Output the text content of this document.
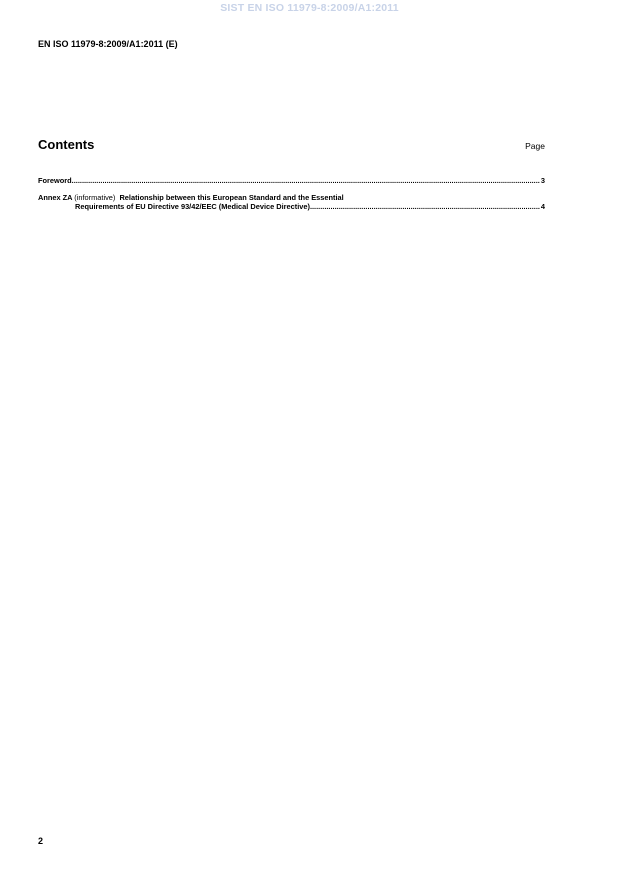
SIST EN ISO 11979-8:2009/A1:2011
EN ISO 11979-8:2009/A1:2011 (E)
Contents	Page
Foreword .....	3
Annex ZA (informative) Relationship between this European Standard and the Essential
Requirements of EU Directive 93/42/EEC (Medical Device Directive) .....	4
2
